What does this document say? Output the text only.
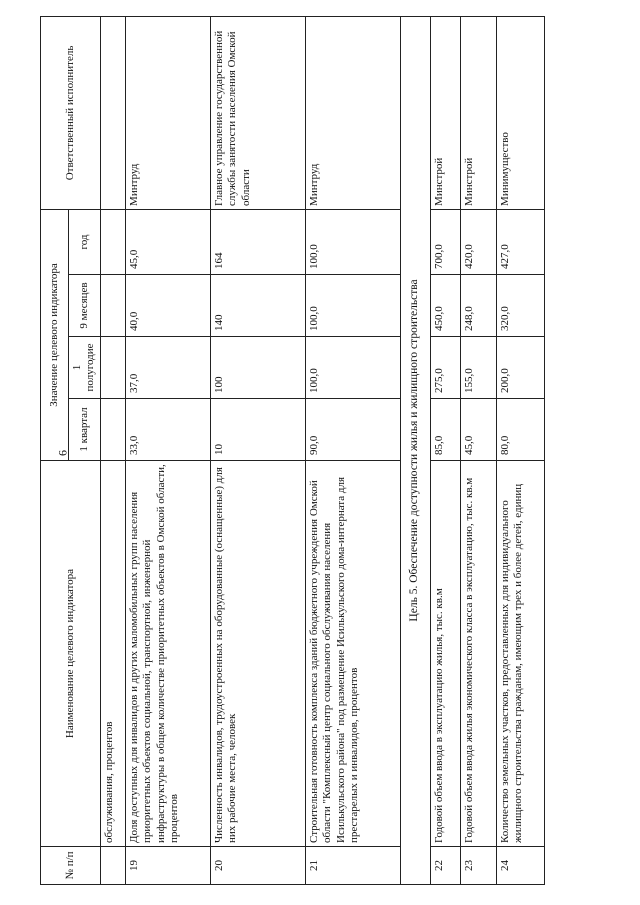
6
№ п/п	Наименование целевого индикатора	Значение целевого индикатора				Ответственный исполнитель
		1 квартал	1 полугодие	9 месяцев	год	
	обслуживания, процентов					
19	Доля доступных для инвалидов и других маломобильных групп населения приоритетных объектов социальной, транспортной, инженерной инфраструктуры в общем количестве приоритетных объектов в Омской области, процентов	33,0	37,0	40,0	45,0	Минтруд
20	Численность инвалидов, трудоустроенных на оборудованные (оснащенные) для них рабочие места, человек	10	100	140	164	Главное управление государственной службы занятости населения Омской области
21	Строительная готовность комплекса зданий бюджетного учреждения Омской области "Комплексный центр социального обслуживания населения Исилькульского района" под размещение Исилькульского дома-интерната для престарелых и инвалидов, процентов	90,0	100,0	100,0	100,0	Минтруд
Цель 5. Обеспечение доступности жилья и жилищного строительства						
22	Годовой объем ввода в эксплуатацию жилья, тыс. кв.м	85,0	275,0	450,0	700,0	Минстрой
23	Годовой объем ввода жилья экономического класса в эксплуатацию, тыс. кв.м	45,0	155,0	248,0	420,0	Минстрой
24	Количество земельных участков, предоставленных для индивидуального жилищного строительства гражданам, имеющим трех и более детей, единиц	80,0	200,0	320,0	427,0	Минимущество
